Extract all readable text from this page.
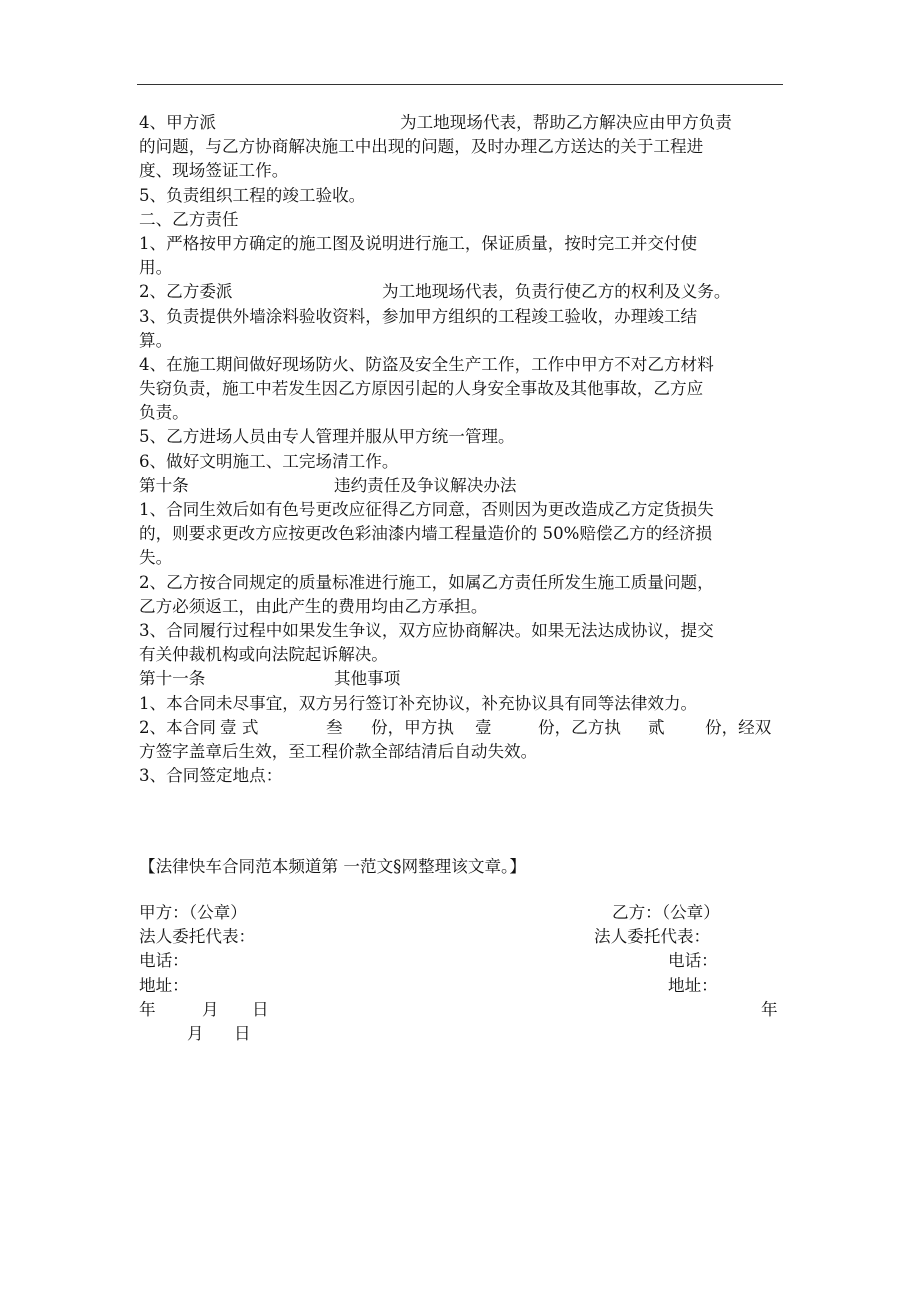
4、甲方派	为工地现场代表，帮助乙方解决应由甲方负责
的问题，与乙方协商解决施工中出现的问题，及时办理乙方送达的关于工程进
度、现场签证工作。
5、负责组织工程的竣工验收。
二、乙方责任
1、严格按甲方确定的施工图及说明进行施工，保证质量，按时完工并交付使
用。
2、乙方委派	为工地现场代表，负责行使乙方的权利及义务。
3、负责提供外墙涂料验收资料，参加甲方组织的工程竣工验收，办理竣工结
算。
4、在施工期间做好现场防火、防盗及安全生产工作，工作中甲方不对乙方材料
失窃负责，施工中若发生因乙方原因引起的人身安全事故及其他事故，乙方应
负责。
5、乙方进场人员由专人管理并服从甲方统一管理。
6、做好文明施工、工完场清工作。
第十条	违约责任及争议解决办法
1、合同生效后如有色号更改应征得乙方同意，否则因为更改造成乙方定货损失
的，则要求更改方应按更改色彩油漆内墙工程量造价的 50%赔偿乙方的经济损
失。
2、乙方按合同规定的质量标准进行施工，如属乙方责任所发生施工质量问题，
乙方必须返工，由此产生的费用均由乙方承担。
3、合同履行过程中如果发生争议，双方应协商解决。如果无法达成协议，提交
有关仲裁机构或向法院起诉解决。
第十一条	其他事项
1、本合同未尽事宜，双方另行签订补充协议，补充协议具有同等法律效力。
2、本合同 壹 式	叁 份，甲方执 壹	份，乙方执 贰 份，经双
方签字盖章后生效，至工程价款全部结清后自动失效。
3、合同签定地点：
【法律快车合同范本频道第 一范文§网整理该文章。】
甲方：（公章）	乙方：（公章）
法人委托代表：	法人委托代表：
电话：	电话：
地址：	地址：
年	月 日	年
月 日
